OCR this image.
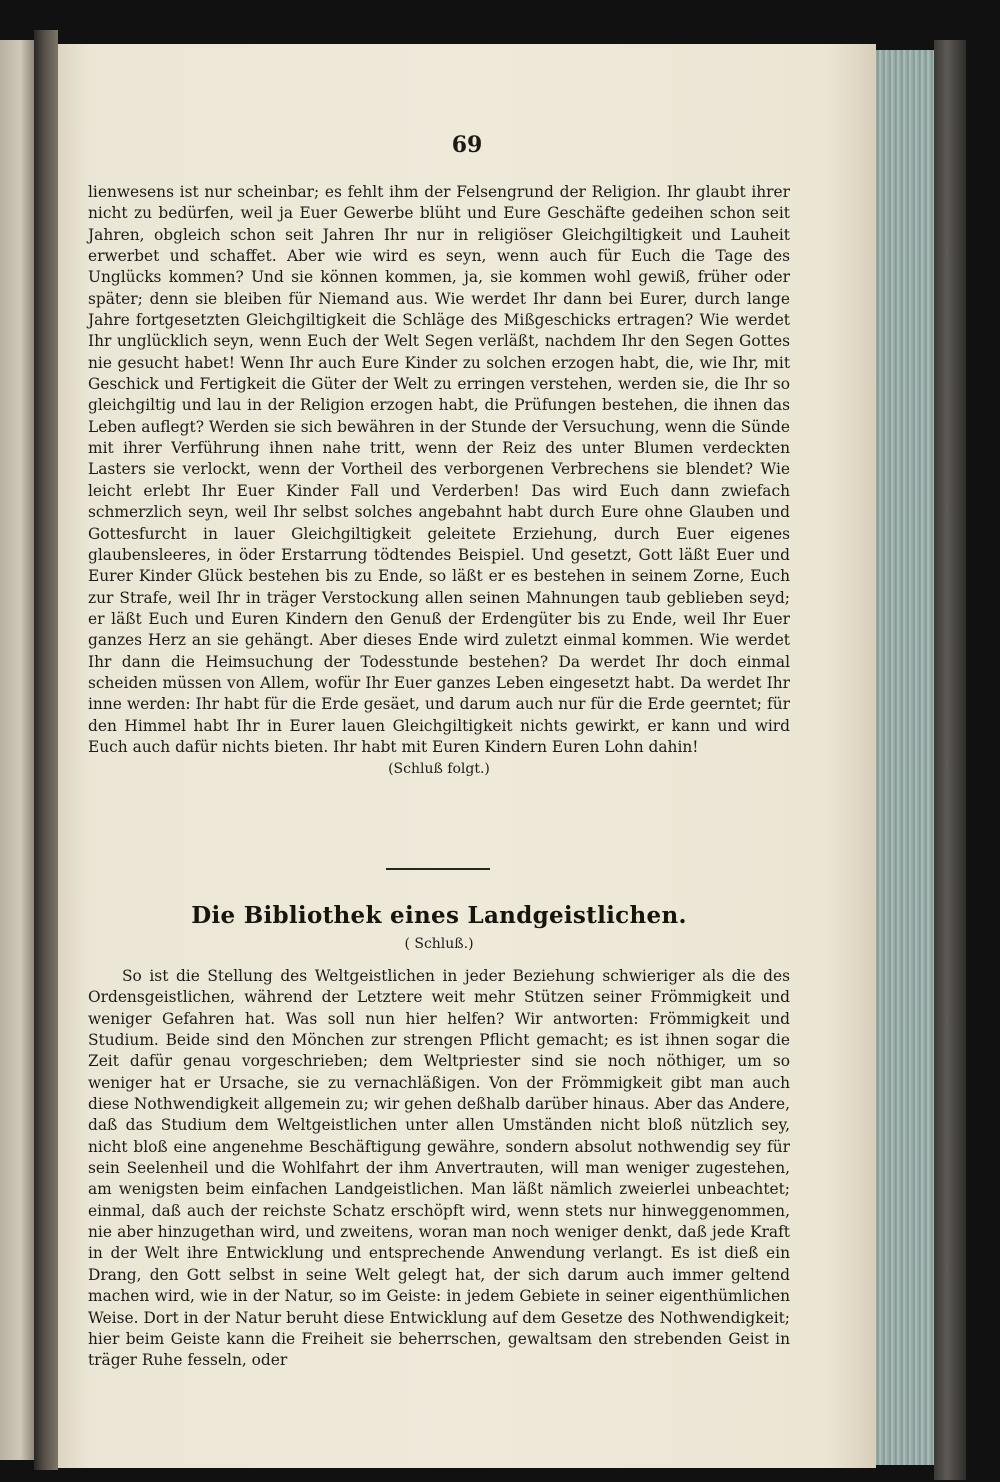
69

lienwesens ist nur scheinbar; es fehlt ihm der Felsengrund der Religion. Ihr glaubt ihrer nicht zu bedürfen, weil ja Euer Gewerbe blüht und Eure Geschäfte gedeihen schon seit Jahren, obgleich schon seit Jahren Ihr nur in religiöser Gleichgiltigkeit und Lauheit erwerbet und schaffet. Aber wie wird es seyn, wenn auch für Euch die Tage des Unglücks kommen? Und sie können kommen, ja, sie kommen wohl gewiß, früher oder später; denn sie bleiben für Niemand aus. Wie werdet Ihr dann bei Eurer, durch lange Jahre fortgesetzten Gleichgiltigkeit die Schläge des Mißgeschicks ertragen? Wie werdet Ihr unglücklich seyn, wenn Euch der Welt Segen verläßt, nachdem Ihr den Segen Gottes nie gesucht habet! Wenn Ihr auch Eure Kinder zu solchen erzogen habt, die, wie Ihr, mit Geschick und Fertigkeit die Güter der Welt zu erringen verstehen, werden sie, die Ihr so gleichgiltig und lau in der Religion erzogen habt, die Prüfungen bestehen, die ihnen das Leben auflegt? Werden sie sich bewähren in der Stunde der Versuchung, wenn die Sünde mit ihrer Verführung ihnen nahe tritt, wenn der Reiz des unter Blumen verdeckten Lasters sie verlockt, wenn der Vortheil des verborgenen Verbrechens sie blendet? Wie leicht erlebt Ihr Euer Kinder Fall und Verderben! Das wird Euch dann zwiefach schmerzlich seyn, weil Ihr selbst solches angebahnt habt durch Eure ohne Glauben und Gottesfurcht in lauer Gleichgiltigkeit geleitete Erziehung, durch Euer eigenes glaubensleeres, in öder Erstarrung tödtendes Beispiel. Und gesetzt, Gott läßt Euer und Eurer Kinder Glück bestehen bis zu Ende, so läßt er es bestehen in seinem Zorne, Euch zur Strafe, weil Ihr in träger Verstockung allen seinen Mahnungen taub geblieben seyd; er läßt Euch und Euren Kindern den Genuß der Erdengüter bis zu Ende, weil Ihr Euer ganzes Herz an sie gehängt. Aber dieses Ende wird zuletzt einmal kommen. Wie werdet Ihr dann die Heimsuchung der Todesstunde bestehen? Da werdet Ihr doch einmal scheiden müssen von Allem, wofür Ihr Euer ganzes Leben eingesetzt habt. Da werdet Ihr inne werden: Ihr habt für die Erde gesäet, und darum auch nur für die Erde geerntet; für den Himmel habt Ihr in Eurer lauen Gleichgiltigkeit nichts gewirkt, er kann und wird Euch auch dafür nichts bieten. Ihr habt mit Euren Kindern Euren Lohn dahin!

(Schluß folgt.)
Die Bibliothek eines Landgeistlichen.
( Schluß.)

So ist die Stellung des Weltgeistlichen in jeder Beziehung schwieriger als die des Ordensgeistlichen, während der Letztere weit mehr Stützen seiner Frömmigkeit und weniger Gefahren hat. Was soll nun hier helfen? Wir antworten: Frömmigkeit und Studium. Beide sind den Mönchen zur strengen Pflicht gemacht; es ist ihnen sogar die Zeit dafür genau vorgeschrieben; dem Weltpriester sind sie noch nöthiger, um so weniger hat er Ursache, sie zu vernachläßigen. Von der Frömmigkeit gibt man auch diese Nothwendigkeit allgemein zu; wir gehen deßhalb darüber hinaus. Aber das Andere, daß das Studium dem Weltgeistlichen unter allen Umständen nicht bloß nützlich sey, nicht bloß eine angenehme Beschäftigung gewähre, sondern absolut nothwendig sey für sein Seelenheil und die Wohlfahrt der ihm Anvertrauten, will man weniger zugestehen, am wenigsten beim einfachen Landgeistlichen. Man läßt nämlich zweierlei unbeachtet; einmal, daß auch der reichste Schatz erschöpft wird, wenn stets nur hinweggenommen, nie aber hinzugethan wird, und zweitens, woran man noch weniger denkt, daß jede Kraft in der Welt ihre Entwicklung und entsprechende Anwendung verlangt. Es ist dieß ein Drang, den Gott selbst in seine Welt gelegt hat, der sich darum auch immer geltend machen wird, wie in der Natur, so im Geiste: in jedem Gebiete in seiner eigenthümlichen Weise. Dort in der Natur beruht diese Entwicklung auf dem Gesetze des Nothwendigkeit; hier beim Geiste kann die Freiheit sie beherrschen, gewaltsam den strebenden Geist in träger Ruhe fesseln, oder
